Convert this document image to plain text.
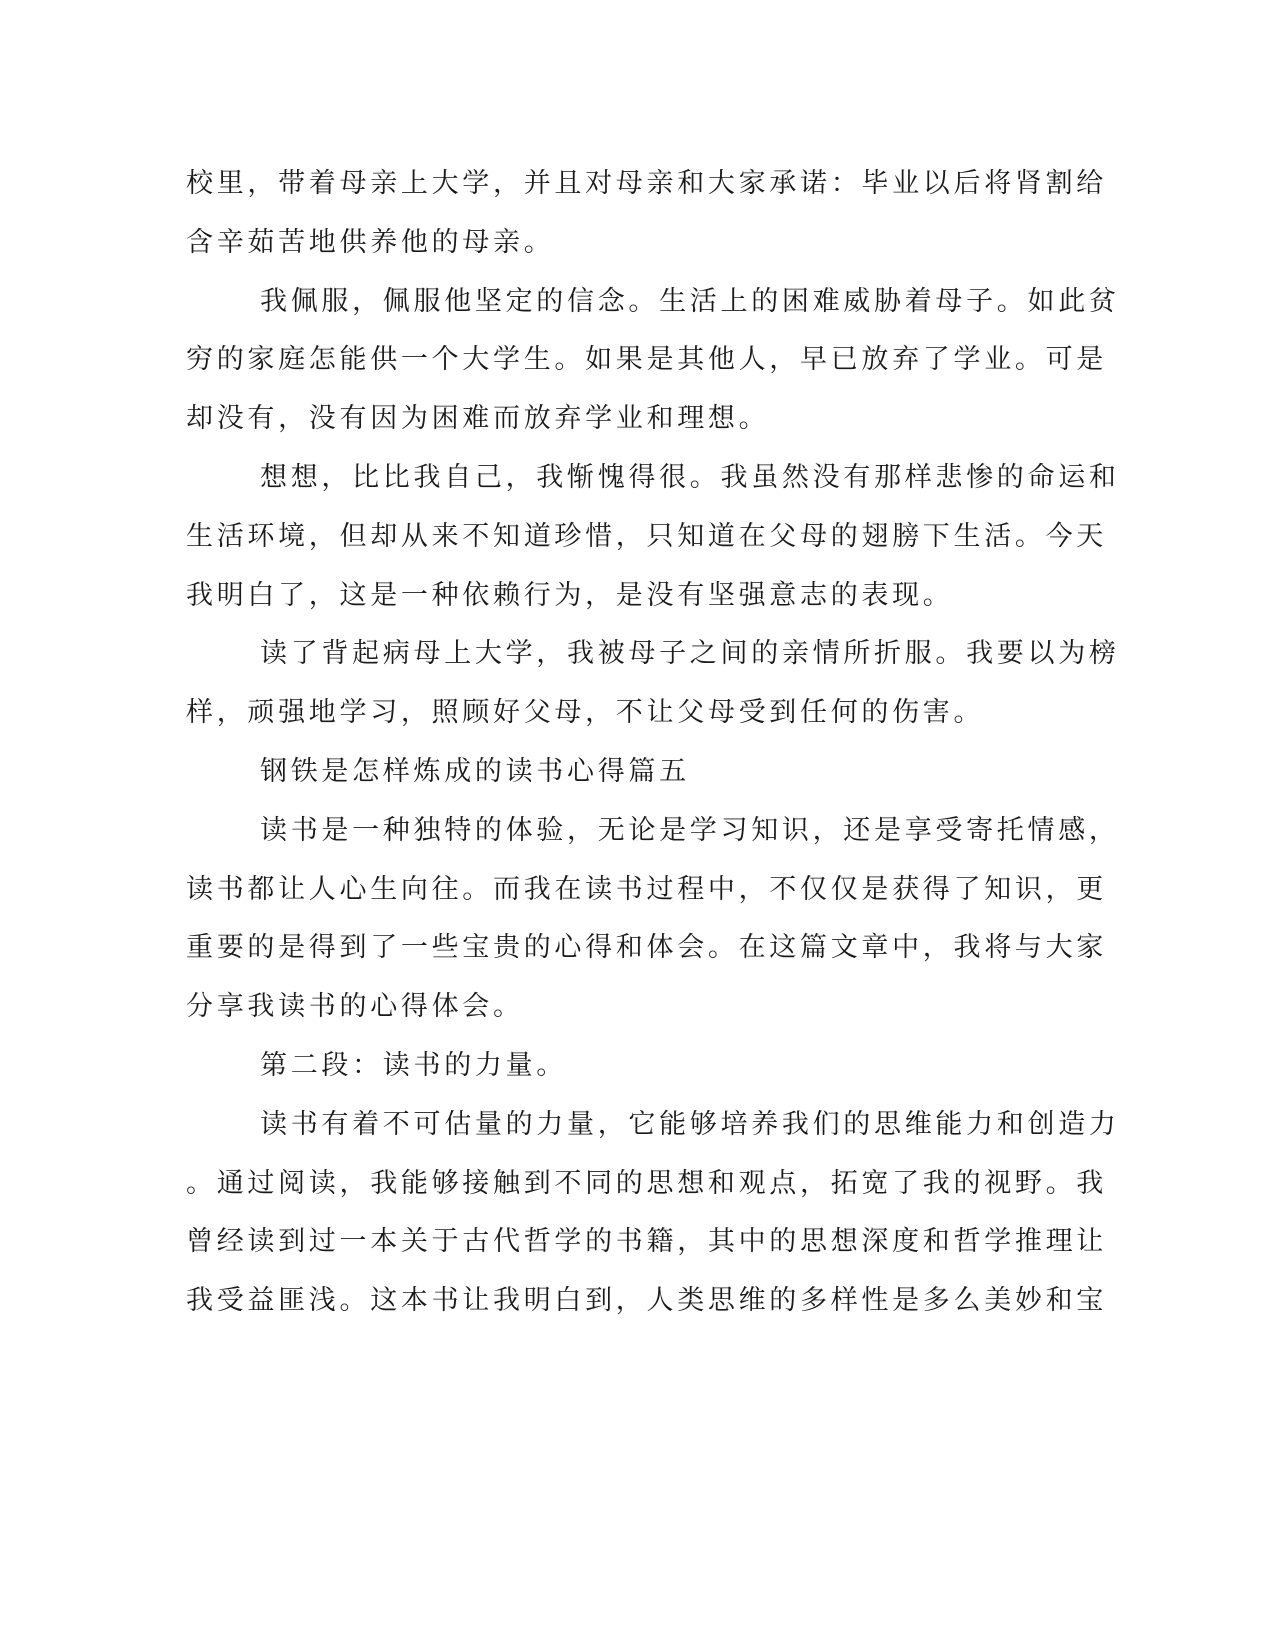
校里，带着母亲上大学，并且对母亲和大家承诺：毕业以后将肾割给

含辛茹苦地供养他的母亲。

我佩服，佩服他坚定的信念。生活上的困难威胁着母子。如此贫

穷的家庭怎能供一个大学生。如果是其他人，早已放弃了学业。可是

却没有，没有因为困难而放弃学业和理想。

想想，比比我自己，我惭愧得很。我虽然没有那样悲惨的命运和

生活环境，但却从来不知道珍惜，只知道在父母的翅膀下生活。今天

我明白了，这是一种依赖行为，是没有坚强意志的表现。

读了背起病母上大学，我被母子之间的亲情所折服。我要以为榜

样，顽强地学习，照顾好父母，不让父母受到任何的伤害。

钢铁是怎样炼成的读书心得篇五

读书是一种独特的体验，无论是学习知识，还是享受寄托情感，

读书都让人心生向往。而我在读书过程中，不仅仅是获得了知识，更

重要的是得到了一些宝贵的心得和体会。在这篇文章中，我将与大家

分享我读书的心得体会。

第二段：读书的力量。

读书有着不可估量的力量，它能够培养我们的思维能力和创造力

。通过阅读，我能够接触到不同的思想和观点，拓宽了我的视野。我

曾经读到过一本关于古代哲学的书籍，其中的思想深度和哲学推理让

我受益匪浅。这本书让我明白到，人类思维的多样性是多么美妙和宝
